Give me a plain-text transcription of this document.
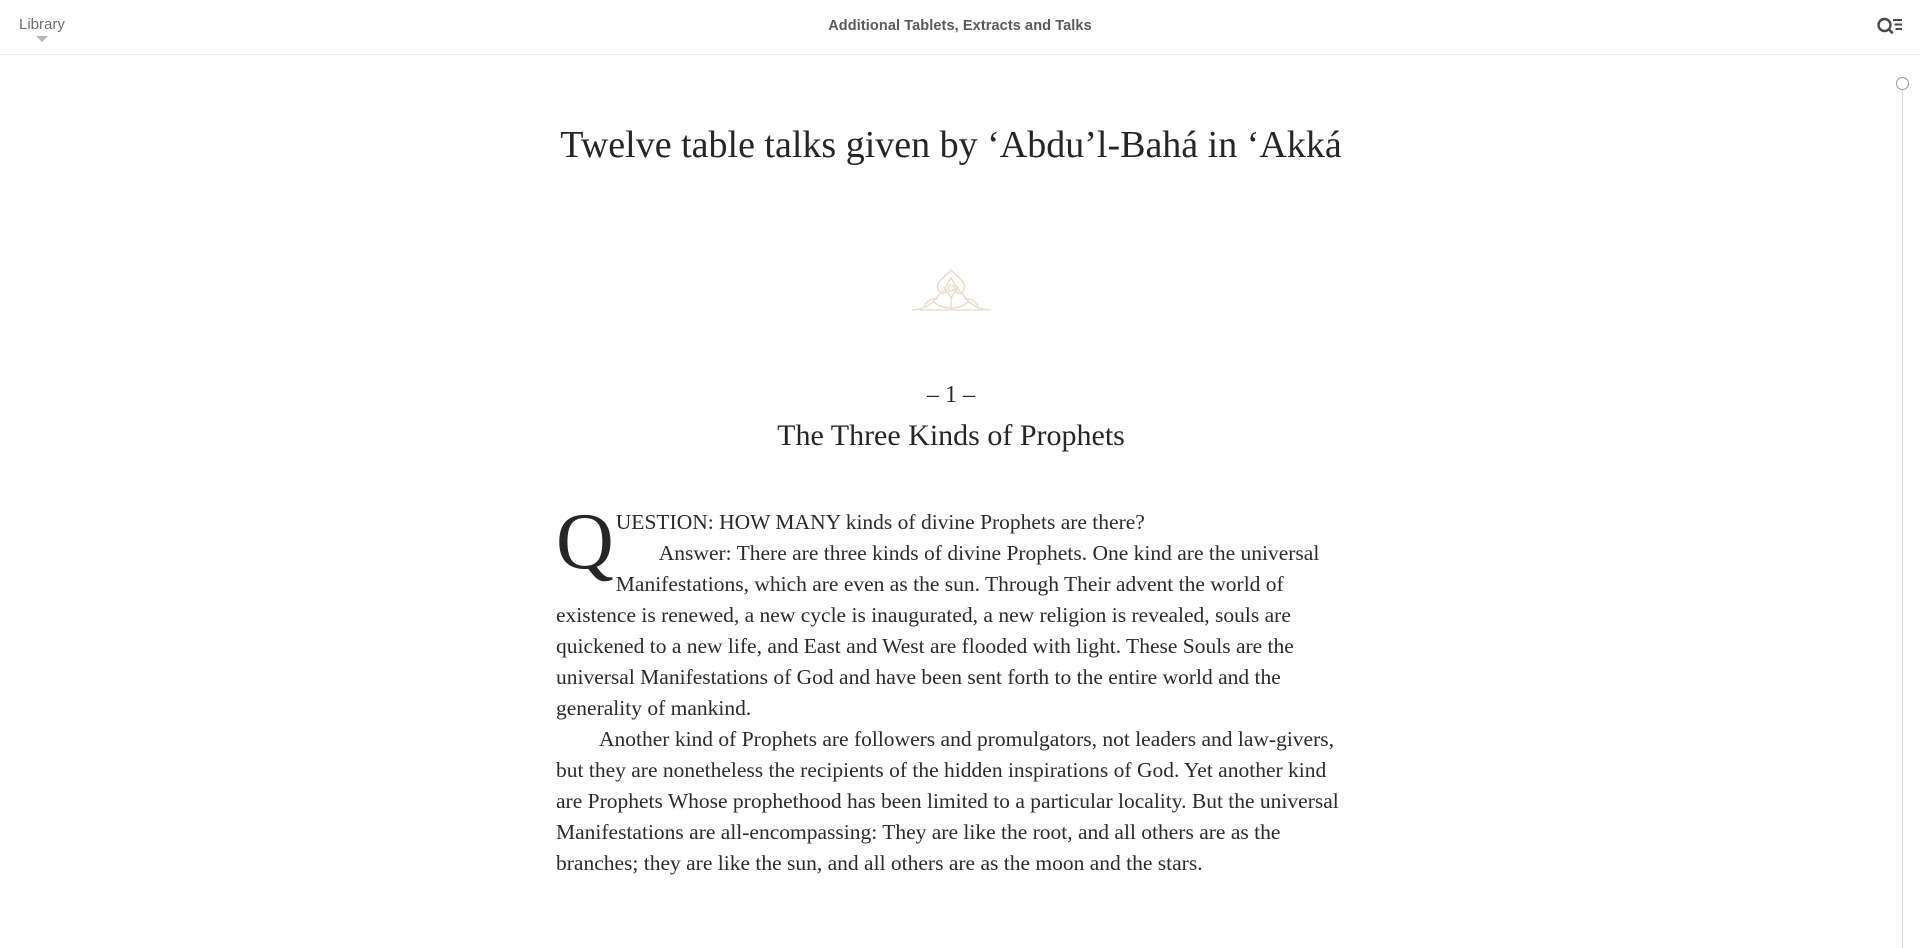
Library	Additional Tablets, Extracts and Talks
Twelve table talks given by ‘Abdu’l-Bahá in ‘Akká
– 1 –
The Three Kinds of Prophets

QUESTION: HOW MANY kinds of divine Prophets are there?
Answer: There are three kinds of divine Prophets. One kind are the universal Manifestations, which are even as the sun. Through Their advent the world of existence is renewed, a new cycle is inaugurated, a new religion is revealed, souls are quickened to a new life, and East and West are flooded with light. These Souls are the universal Manifestations of God and have been sent forth to the entire world and the generality of mankind.

Another kind of Prophets are followers and promulgators, not leaders and law-givers, but they are nonetheless the recipients of the hidden inspirations of God. Yet another kind are Prophets Whose prophethood has been limited to a particular locality. But the universal Manifestations are all-encompassing: They are like the root, and all others are as the branches; they are like the sun, and all others are as the moon and the stars.
